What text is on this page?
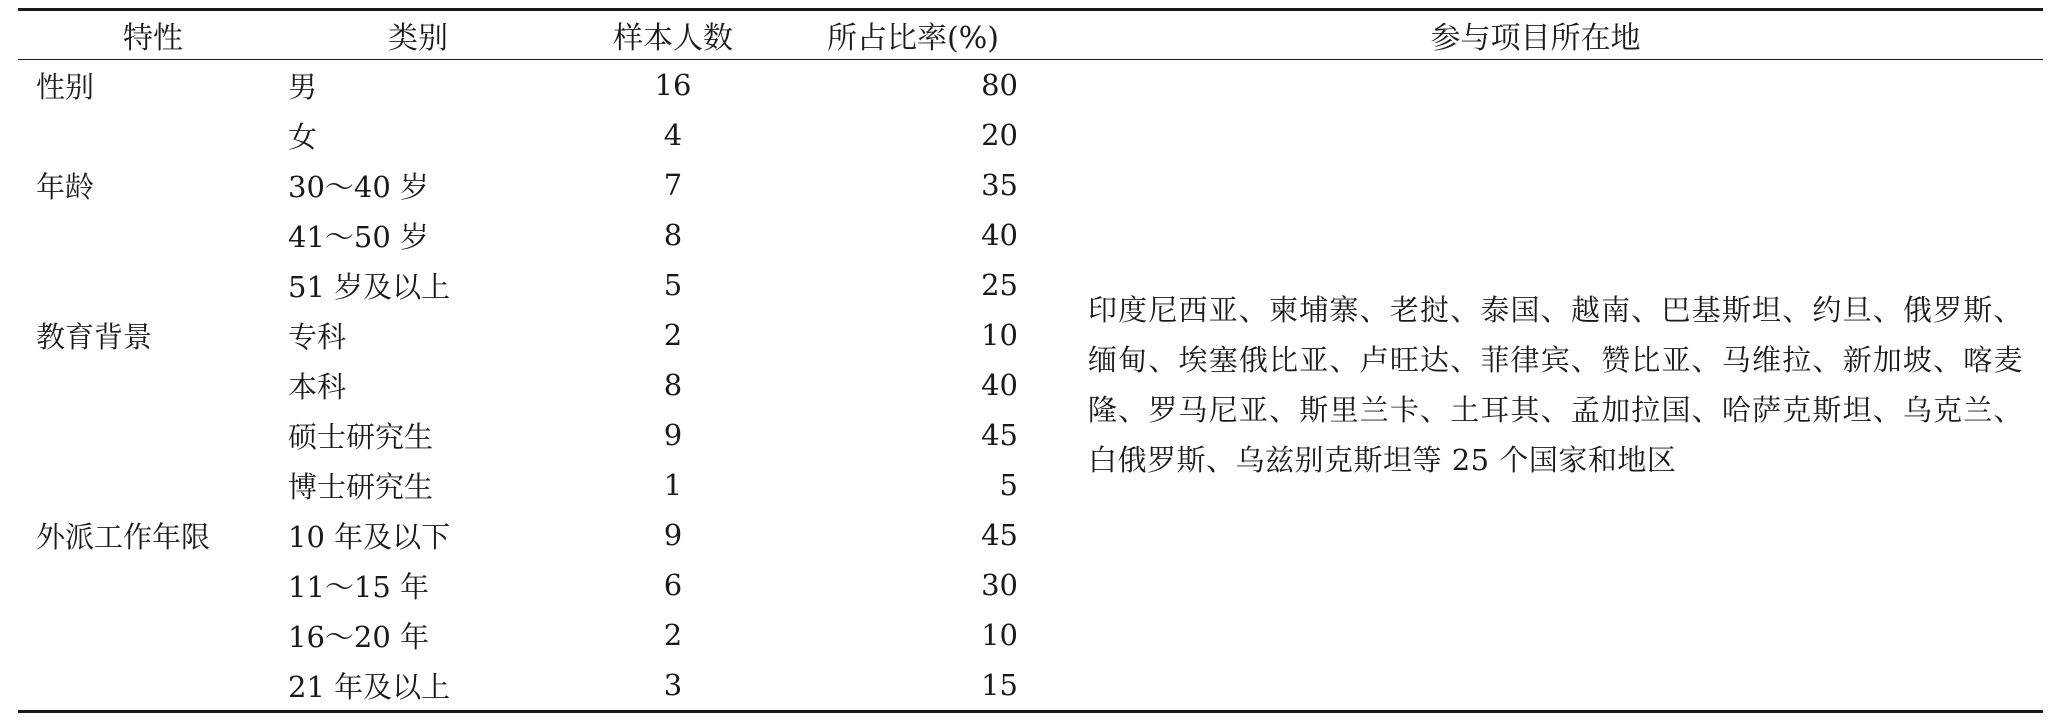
特性	类别	样本人数	所占比率(%)	参与项目所在地
性别	男	16	80	印度尼西亚、柬埔寨、老挝、泰国、越南、巴基斯坦、约旦、俄罗斯、缅甸、埃塞俄比亚、卢旺达、菲律宾、赞比亚、马维拉、新加坡、喀麦隆、罗马尼亚、斯里兰卡、土耳其、孟加拉国、哈萨克斯坦、乌克兰、白俄罗斯、乌兹别克斯坦等 25 个国家和地区
	女	4	20	
年龄	30～40 岁	7	35	
	41～50 岁	8	40	
	51 岁及以上	5	25	
教育背景	专科	2	10	
	本科	8	40	
	硕士研究生	9	45	
	博士研究生	1	5	
外派工作年限	10 年及以下	9	45	
	11～15 年	6	30	
	16～20 年	2	10	
	21 年及以上	3	15	
